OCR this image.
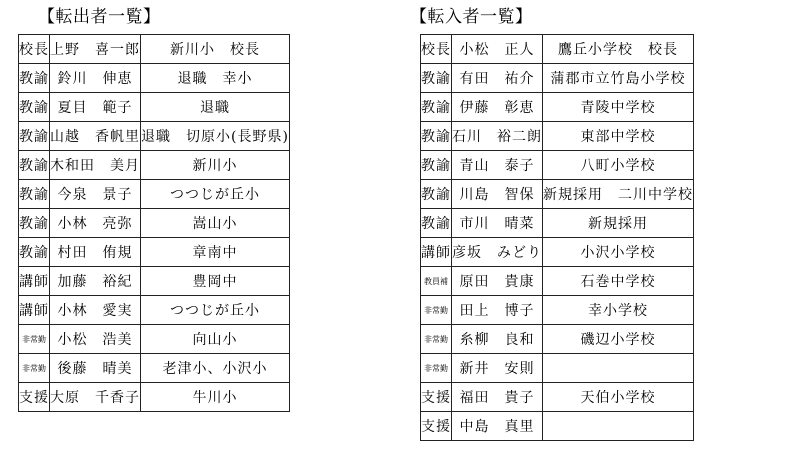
【転出者一覧】
校長	上野　喜一郎	新川小　校長
教諭	鈴川　伸恵	退職　幸小
教諭	夏目　範子	退職
教諭	山越　香帆里	退職　切原小(長野県)
教諭	木和田　美月	新川小
教諭	今泉　景子	つつじが丘小
教諭	小林　亮弥	嵩山小
教諭	村田　侑規	章南中
講師	加藤　裕紀	豊岡中
講師	小林　愛実	つつじが丘小
非常勤	小松　浩美	向山小
非常勤	後藤　晴美	老津小、小沢小
支援	大原　千香子	牛川小
【転入者一覧】
校長	小松　正人	鷹丘小学校　校長
教諭	有田　祐介	蒲郡市立竹島小学校
教諭	伊藤　彰恵	青陵中学校
教諭	石川　裕二朗	東部中学校
教諭	青山　泰子	八町小学校
教諭	川島　智保	新規採用　二川中学校
教諭	市川　晴菜	新規採用
講師	彦坂　みどり	小沢小学校
教員補	原田　貴康	石巻中学校
非常勤	田上　博子	幸小学校
非常勤	糸柳　良和	磯辺小学校
非常勤	新井　安則	
支援	福田　貴子	天伯小学校
支援	中島　真里	
